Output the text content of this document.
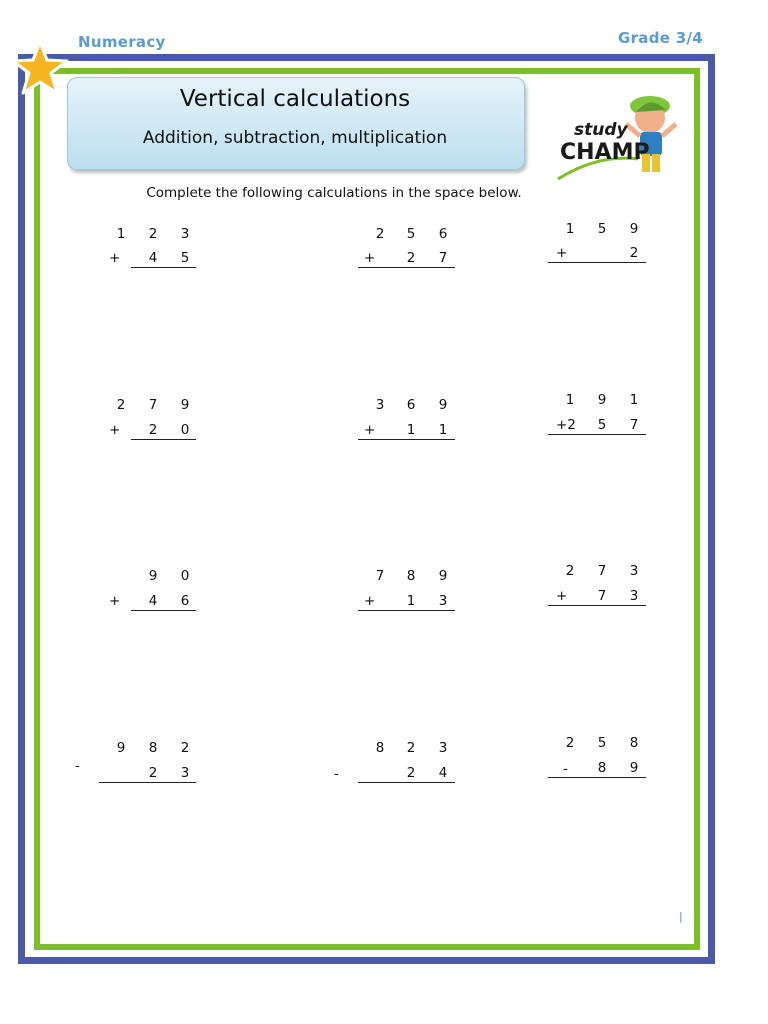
Numeracy	Grade 3/4
Vertical calculations
Addition, subtraction, multiplication	study
CHAMP
Complete the following calculations in the space below.
1 2 3
4 5
+
2 5 6
2 7
+
1 5 9
2
+
2 7 9
2 0
+
3 6 9
1 1
+
1 9 1
5 7
+2
9 0
4 6
+
7 8 9
1 3
+
2 7 3
7 3
+
9 8 2
2 3
-
8 2 3
2 4
-
2 5 8
8 9
-
|
